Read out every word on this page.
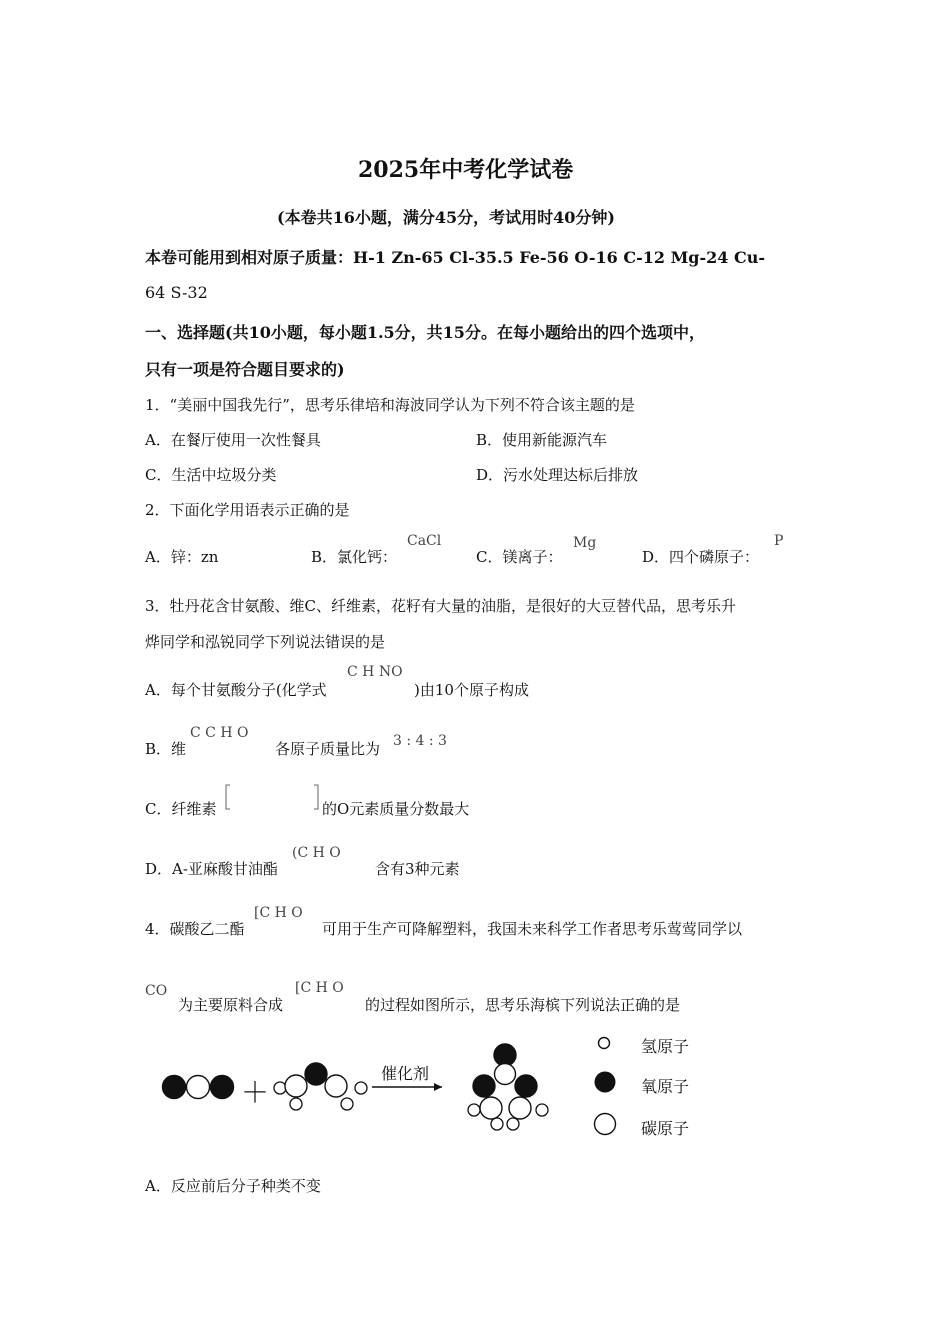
2025年中考化学试卷
(本卷共16小题，满分45分，考试用时40分钟)
本卷可能用到相对原子质量：H-1 Zn-65 Cl-35.5 Fe-56 O-16 C-12 Mg-24 Cu-
64 S-32
一、选择题(共10小题，每小题1.5分，共15分。在每小题给出的四个选项中，
只有一项是符合题目要求的)
1．“美丽中国我先行”，思考乐律培和海波同学认为下列不符合该主题的是
A．在餐厅使用一次性餐具	B．使用新能源汽车
C．生活中垃圾分类	D．污水处理达标后排放
2．下面化学用语表示正确的是
A．锌：zn	B．氯化钙：
CaCl
C．镁离子：
Mg
D．四个磷原子：
P
3．牡丹花含甘氨酸、维C、纤维素，花籽有大量的油脂，是很好的大豆替代品，思考乐升
烨同学和泓锐同学下列说法错误的是
A．每个甘氨酸分子(化学式
C H NO
)由10个原子构成
B．维
C C H O
各原子质量比为 3 : 4 : 3
C．纤维素	的O元素质量分数最大
D．A-亚麻酸甘油酯
(C H O
含有3种元素
4．碳酸乙二酯
[C H O
可用于生产可降解塑料，我国未来科学工作者思考乐莺莺同学以
CO
为主要原料合成
[C H O
的过程如图所示，思考乐海槟下列说法正确的是
＋
催化剂
氢原子
氧原子
碳原子
A．反应前后分子种类不变
